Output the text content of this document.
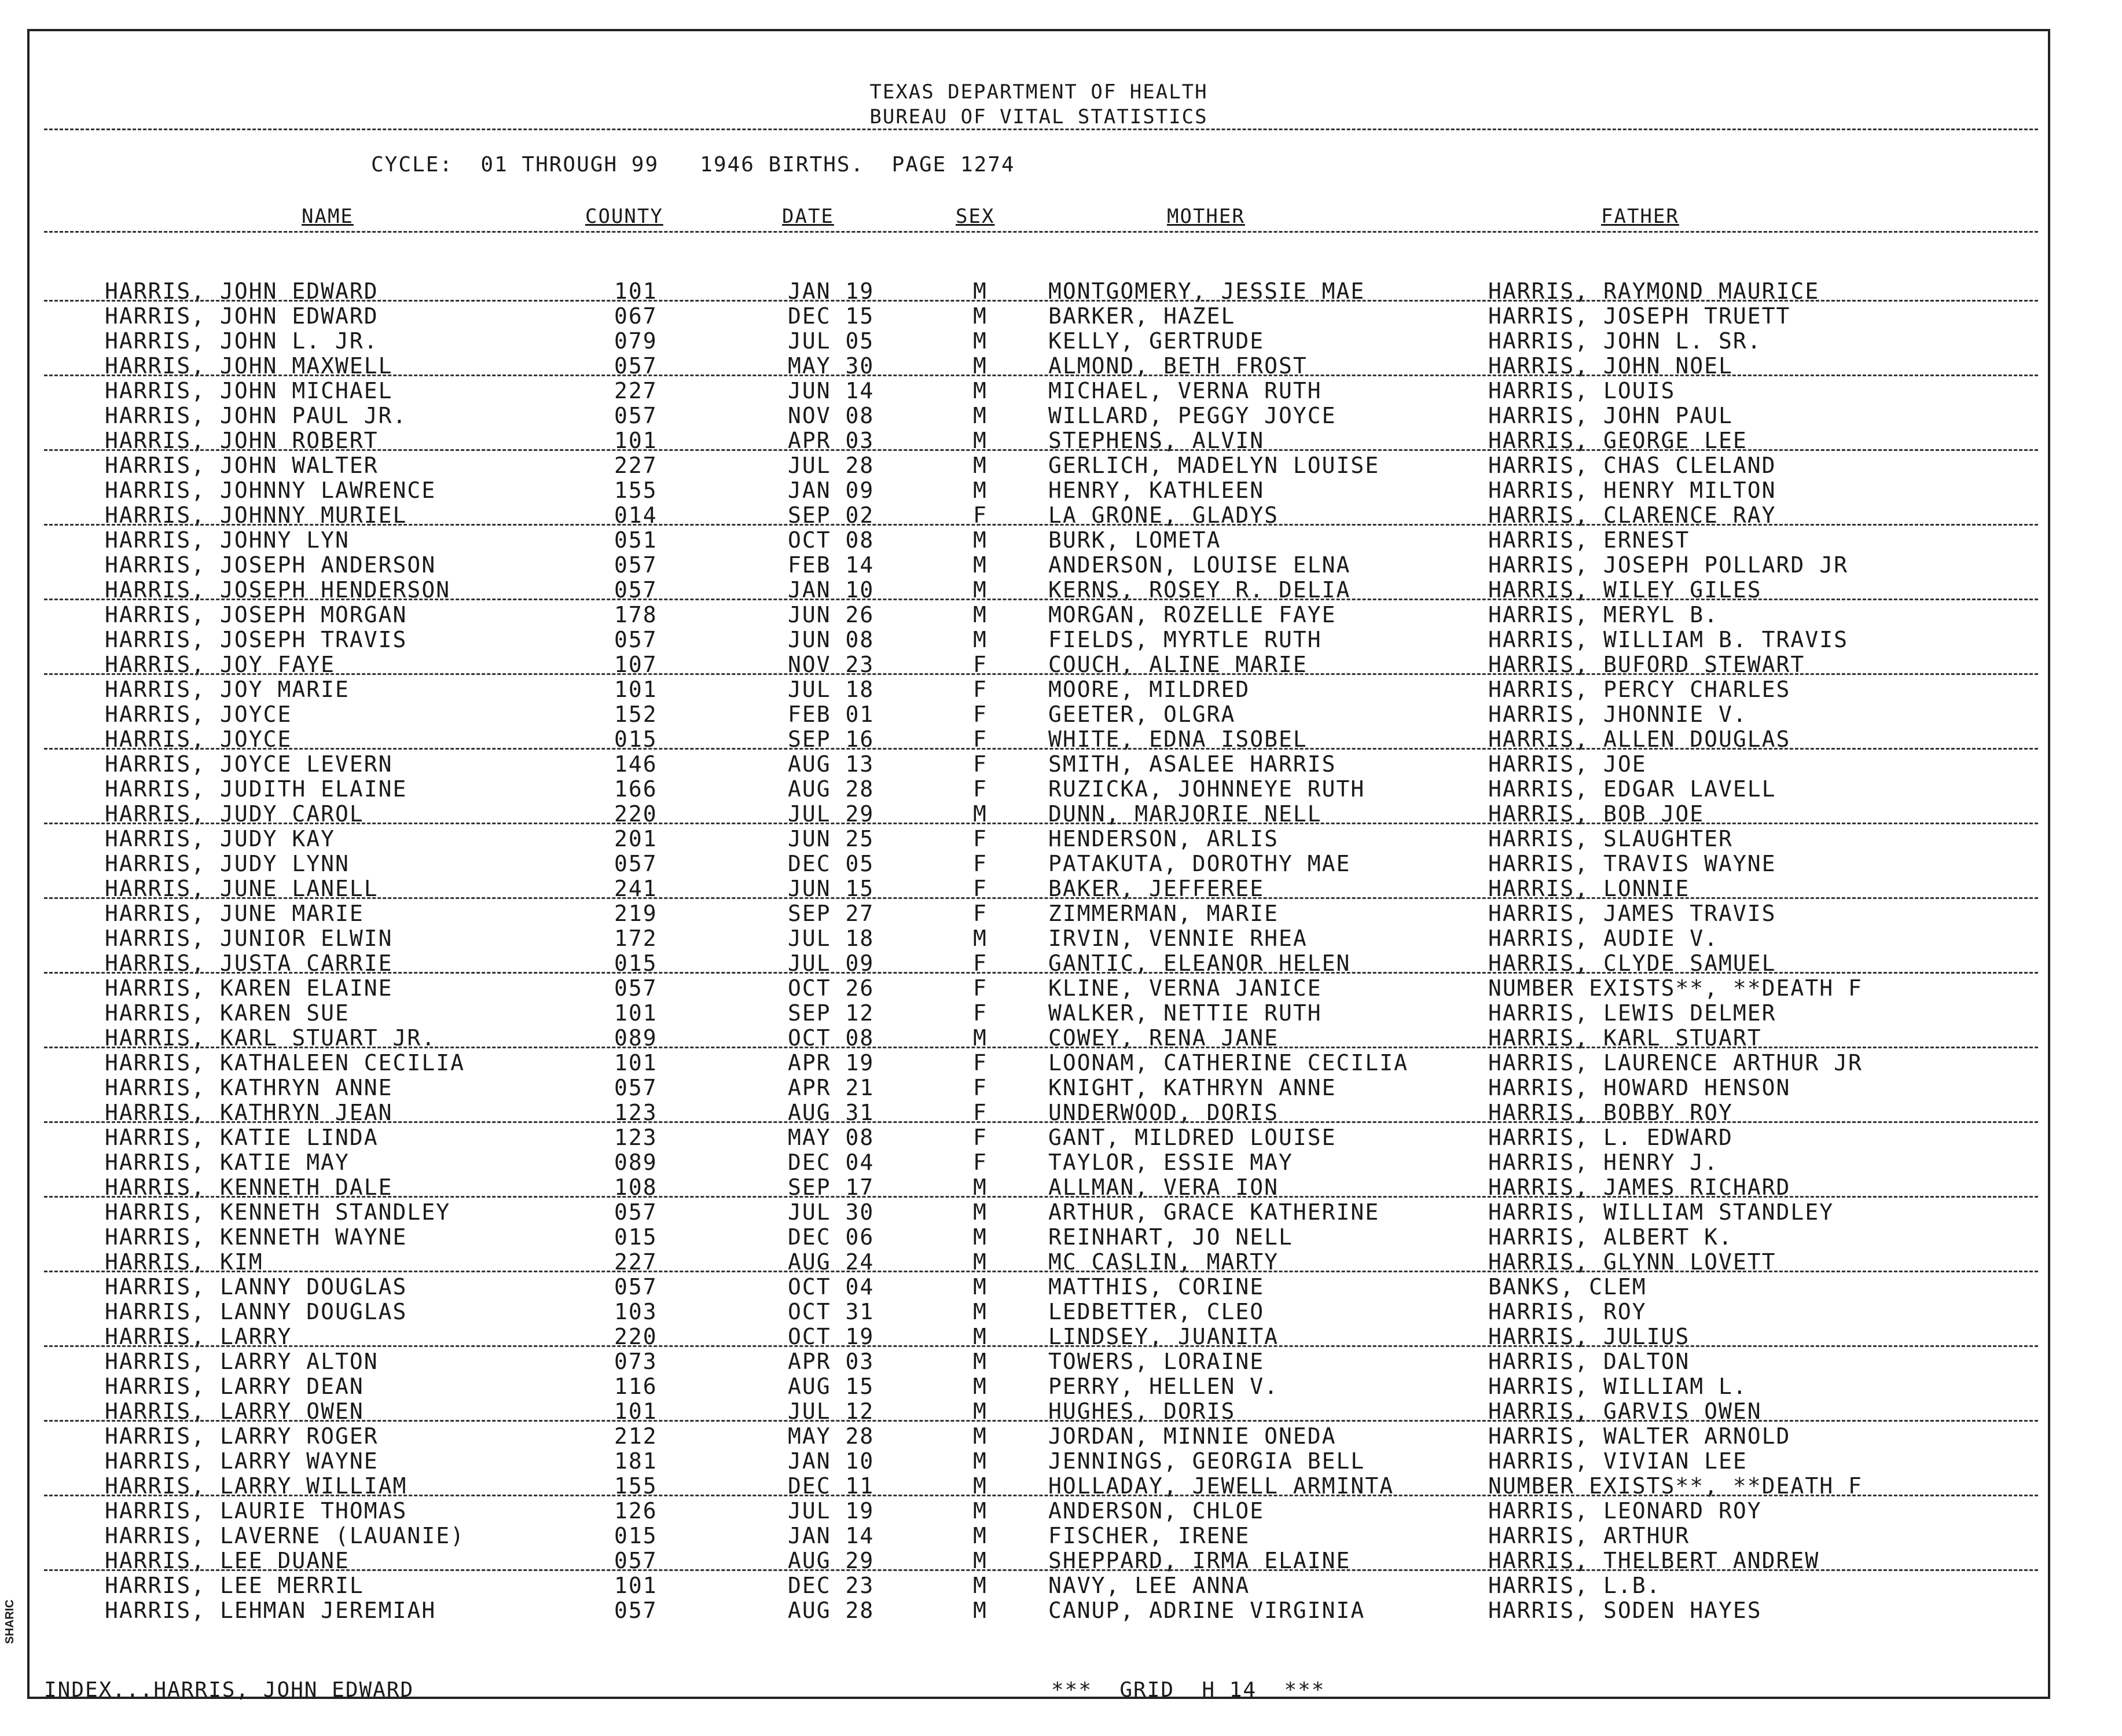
TEXAS DEPARTMENT OF HEALTH
BUREAU OF VITAL STATISTICS
CYCLE:  01 THROUGH 99   1946 BIRTHS.  PAGE 1274
NAME	COUNTY	DATE	SEX	MOTHER	FATHER
HARRIS, JOHN EDWARD	101	JAN 19	M	MONTGOMERY, JESSIE MAE	HARRIS, RAYMOND MAURICE
HARRIS, JOHN EDWARD	067	DEC 15	M	BARKER, HAZEL	HARRIS, JOSEPH TRUETT
HARRIS, JOHN L. JR.	079	JUL 05	M	KELLY, GERTRUDE	HARRIS, JOHN L. SR.
HARRIS, JOHN MAXWELL	057	MAY 30	M	ALMOND, BETH FROST	HARRIS, JOHN NOEL
HARRIS, JOHN MICHAEL	227	JUN 14	M	MICHAEL, VERNA RUTH	HARRIS, LOUIS
HARRIS, JOHN PAUL JR.	057	NOV 08	M	WILLARD, PEGGY JOYCE	HARRIS, JOHN PAUL
HARRIS, JOHN ROBERT	101	APR 03	M	STEPHENS, ALVIN	HARRIS, GEORGE LEE
HARRIS, JOHN WALTER	227	JUL 28	M	GERLICH, MADELYN LOUISE	HARRIS, CHAS CLELAND
HARRIS, JOHNNY LAWRENCE	155	JAN 09	M	HENRY, KATHLEEN	HARRIS, HENRY MILTON
HARRIS, JOHNNY MURIEL	014	SEP 02	F	LA GRONE, GLADYS	HARRIS, CLARENCE RAY
HARRIS, JOHNY LYN	051	OCT 08	M	BURK, LOMETA	HARRIS, ERNEST
HARRIS, JOSEPH ANDERSON	057	FEB 14	M	ANDERSON, LOUISE ELNA	HARRIS, JOSEPH POLLARD JR
HARRIS, JOSEPH HENDERSON	057	JAN 10	M	KERNS, ROSEY R. DELIA	HARRIS, WILEY GILES
HARRIS, JOSEPH MORGAN	178	JUN 26	M	MORGAN, ROZELLE FAYE	HARRIS, MERYL B.
HARRIS, JOSEPH TRAVIS	057	JUN 08	M	FIELDS, MYRTLE RUTH	HARRIS, WILLIAM B. TRAVIS
HARRIS, JOY FAYE	107	NOV 23	F	COUCH, ALINE MARIE	HARRIS, BUFORD STEWART
HARRIS, JOY MARIE	101	JUL 18	F	MOORE, MILDRED	HARRIS, PERCY CHARLES
HARRIS, JOYCE	152	FEB 01	F	GEETER, OLGRA	HARRIS, JHONNIE V.
HARRIS, JOYCE	015	SEP 16	F	WHITE, EDNA ISOBEL	HARRIS, ALLEN DOUGLAS
HARRIS, JOYCE LEVERN	146	AUG 13	F	SMITH, ASALEE HARRIS	HARRIS, JOE
HARRIS, JUDITH ELAINE	166	AUG 28	F	RUZICKA, JOHNNEYE RUTH	HARRIS, EDGAR LAVELL
HARRIS, JUDY CAROL	220	JUL 29	M	DUNN, MARJORIE NELL	HARRIS, BOB JOE
HARRIS, JUDY KAY	201	JUN 25	F	HENDERSON, ARLIS	HARRIS, SLAUGHTER
HARRIS, JUDY LYNN	057	DEC 05	F	PATAKUTA, DOROTHY MAE	HARRIS, TRAVIS WAYNE
HARRIS, JUNE LANELL	241	JUN 15	F	BAKER, JEFFEREE	HARRIS, LONNIE
HARRIS, JUNE MARIE	219	SEP 27	F	ZIMMERMAN, MARIE	HARRIS, JAMES TRAVIS
HARRIS, JUNIOR ELWIN	172	JUL 18	M	IRVIN, VENNIE RHEA	HARRIS, AUDIE V.
HARRIS, JUSTA CARRIE	015	JUL 09	F	GANTIC, ELEANOR HELEN	HARRIS, CLYDE SAMUEL
HARRIS, KAREN ELAINE	057	OCT 26	F	KLINE, VERNA JANICE	NUMBER EXISTS**, **DEATH F
HARRIS, KAREN SUE	101	SEP 12	F	WALKER, NETTIE RUTH	HARRIS, LEWIS DELMER
HARRIS, KARL STUART JR.	089	OCT 08	M	COWEY, RENA JANE	HARRIS, KARL STUART
HARRIS, KATHALEEN CECILIA	101	APR 19	F	LOONAM, CATHERINE CECILIA	HARRIS, LAURENCE ARTHUR JR
HARRIS, KATHRYN ANNE	057	APR 21	F	KNIGHT, KATHRYN ANNE	HARRIS, HOWARD HENSON
HARRIS, KATHRYN JEAN	123	AUG 31	F	UNDERWOOD, DORIS	HARRIS, BOBBY ROY
HARRIS, KATIE LINDA	123	MAY 08	F	GANT, MILDRED LOUISE	HARRIS, L. EDWARD
HARRIS, KATIE MAY	089	DEC 04	F	TAYLOR, ESSIE MAY	HARRIS, HENRY J.
HARRIS, KENNETH DALE	108	SEP 17	M	ALLMAN, VERA ION	HARRIS, JAMES RICHARD
HARRIS, KENNETH STANDLEY	057	JUL 30	M	ARTHUR, GRACE KATHERINE	HARRIS, WILLIAM STANDLEY
HARRIS, KENNETH WAYNE	015	DEC 06	M	REINHART, JO NELL	HARRIS, ALBERT K.
HARRIS, KIM	227	AUG 24	M	MC CASLIN, MARTY	HARRIS, GLYNN LOVETT
HARRIS, LANNY DOUGLAS	057	OCT 04	M	MATTHIS, CORINE	BANKS, CLEM
HARRIS, LANNY DOUGLAS	103	OCT 31	M	LEDBETTER, CLEO	HARRIS, ROY
HARRIS, LARRY	220	OCT 19	M	LINDSEY, JUANITA	HARRIS, JULIUS
HARRIS, LARRY ALTON	073	APR 03	M	TOWERS, LORAINE	HARRIS, DALTON
HARRIS, LARRY DEAN	116	AUG 15	M	PERRY, HELLEN V.	HARRIS, WILLIAM L.
HARRIS, LARRY OWEN	101	JUL 12	M	HUGHES, DORIS	HARRIS, GARVIS OWEN
HARRIS, LARRY ROGER	212	MAY 28	M	JORDAN, MINNIE ONEDA	HARRIS, WALTER ARNOLD
HARRIS, LARRY WAYNE	181	JAN 10	M	JENNINGS, GEORGIA BELL	HARRIS, VIVIAN LEE
HARRIS, LARRY WILLIAM	155	DEC 11	M	HOLLADAY, JEWELL ARMINTA	NUMBER EXISTS**, **DEATH F
HARRIS, LAURIE THOMAS	126	JUL 19	M	ANDERSON, CHLOE	HARRIS, LEONARD ROY
HARRIS, LAVERNE (LAUANIE)	015	JAN 14	M	FISCHER, IRENE	HARRIS, ARTHUR
HARRIS, LEE DUANE	057	AUG 29	M	SHEPPARD, IRMA ELAINE	HARRIS, THELBERT ANDREW
HARRIS, LEE MERRIL	101	DEC 23	M	NAVY, LEE ANNA	HARRIS, L.B.
HARRIS, LEHMAN JEREMIAH	057	AUG 28	M	CANUP, ADRINE VIRGINIA	HARRIS, SODEN HAYES
INDEX...HARRIS, JOHN EDWARD	***  GRID  H 14  ***
SHARIC
